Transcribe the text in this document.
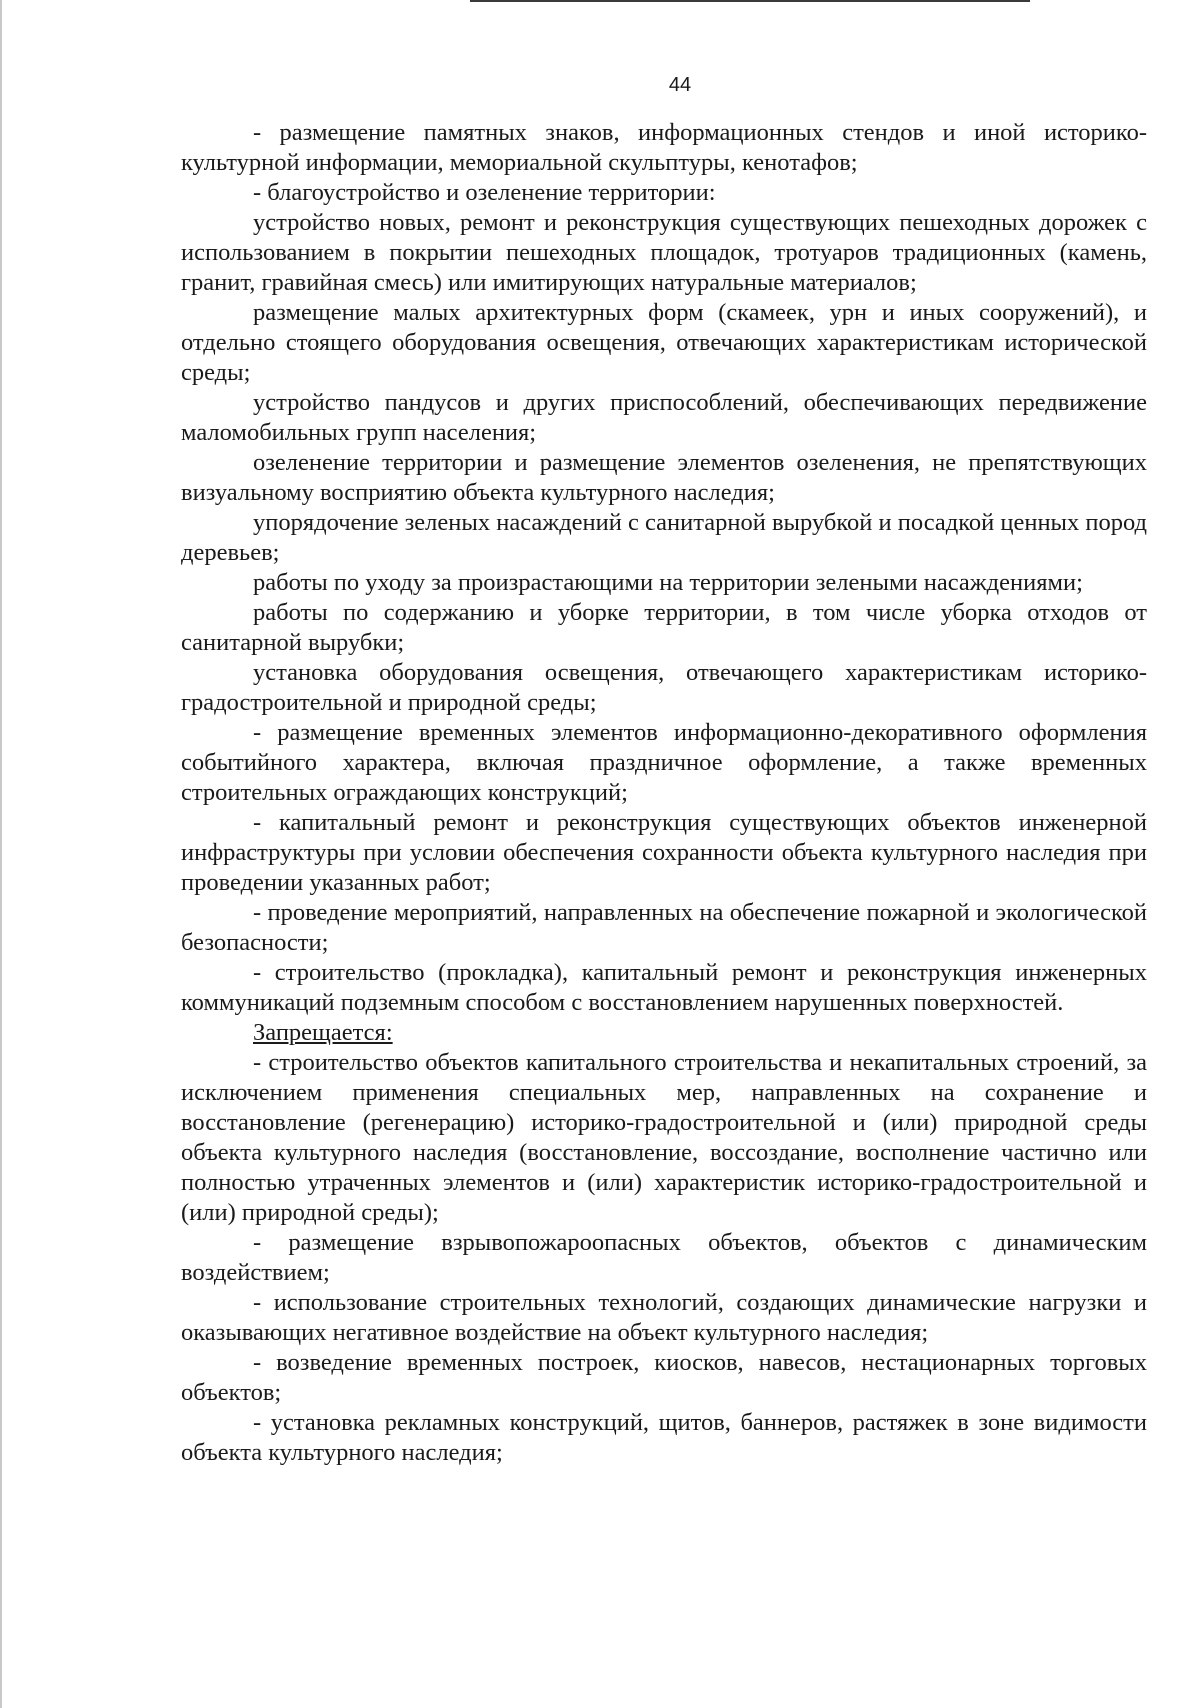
44

- размещение памятных знаков, информационных стендов и иной историко-культурной информации, мемориальной скульптуры, кенотафов;

- благоустройство и озеленение территории:

устройство новых, ремонт и реконструкция существующих пешеходных дорожек с использованием в покрытии пешеходных площадок, тротуаров традиционных (камень, гранит, гравийная смесь) или имитирующих натуральные материалов;

размещение малых архитектурных форм (скамеек, урн и иных сооружений), и отдельно стоящего оборудования освещения, отвечающих характеристикам исторической среды;

устройство пандусов и других приспособлений, обеспечивающих передвижение маломобильных групп населения;

озеленение территории и размещение элементов озеленения, не препятствующих визуальному восприятию объекта культурного наследия;

упорядочение зеленых насаждений с санитарной вырубкой и посадкой ценных пород деревьев;

работы по уходу за произрастающими на территории зелеными насаждениями;

работы по содержанию и уборке территории, в том числе уборка отходов от санитарной вырубки;

установка оборудования освещения, отвечающего характеристикам историко-градостроительной и природной среды;

- размещение временных элементов информационно-декоративного оформления событийного характера, включая праздничное оформление, а также временных строительных ограждающих конструкций;

- капитальный ремонт и реконструкция существующих объектов инженерной инфраструктуры при условии обеспечения сохранности объекта культурного наследия при проведении указанных работ;

- проведение мероприятий, направленных на обеспечение пожарной и экологической безопасности;

- строительство (прокладка), капитальный ремонт и реконструкция инженерных коммуникаций подземным способом с восстановлением нарушенных поверхностей.

Запрещается:

- строительство объектов капитального строительства и некапитальных строений, за исключением применения специальных мер, направленных на сохранение и восстановление (регенерацию) историко-градостроительной и (или) природной среды объекта культурного наследия (восстановление, воссоздание, восполнение частично или полностью утраченных элементов и (или) характеристик историко-градостроительной и (или) природной среды);

- размещение взрывопожароопасных объектов, объектов с динамическим воздействием;

- использование строительных технологий, создающих динамические нагрузки и оказывающих негативное воздействие на объект культурного наследия;

- возведение временных построек, киосков, навесов, нестационарных торговых объектов;

- установка рекламных конструкций, щитов, баннеров, растяжек в зоне видимости объекта культурного наследия;
